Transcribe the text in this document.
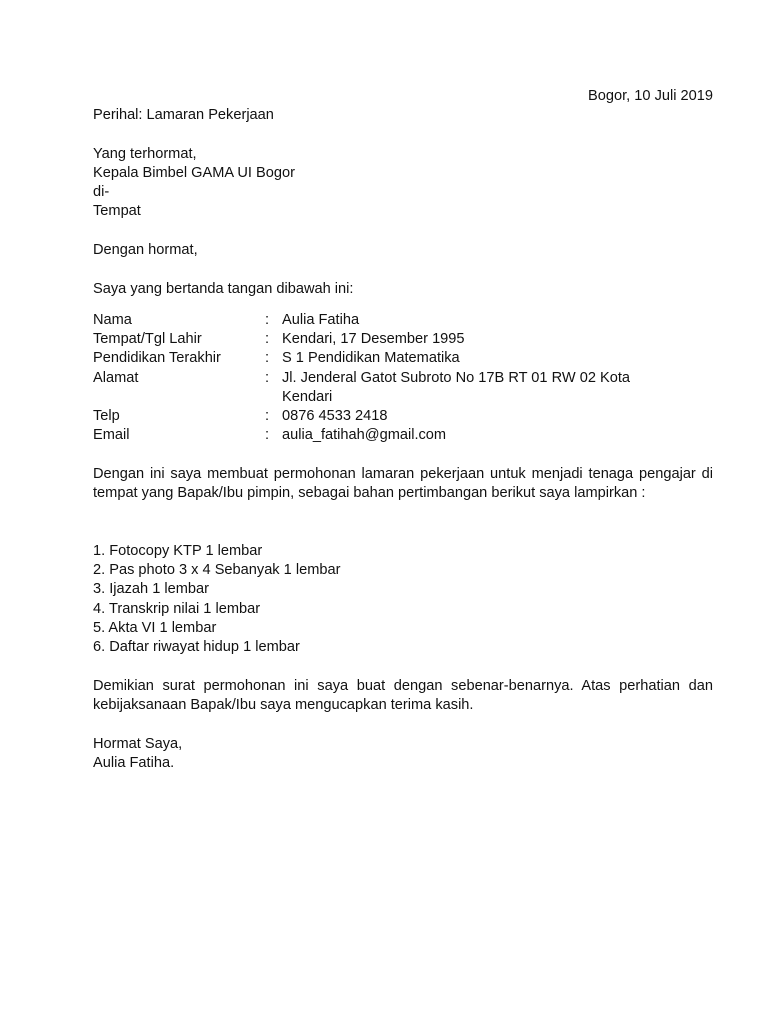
Bogor, 10 Juli 2019
Perihal: Lamaran Pekerjaan
Yang terhormat,
Kepala Bimbel GAMA UI Bogor
di-
Tempat
Dengan hormat,
Saya yang bertanda tangan dibawah ini:
Nama	: Aulia Fatiha
Tempat/Tgl Lahir	: Kendari, 17 Desember 1995
Pendidikan Terakhir	: S 1 Pendidikan Matematika
Alamat	: Jl. Jenderal Gatot Subroto No 17B RT 01 RW 02 Kota Kendari
Telp	: 0876 4533 2418
Email	: aulia_fatihah@gmail.com
Dengan ini saya membuat permohonan lamaran pekerjaan untuk menjadi tenaga pengajar di tempat yang Bapak/Ibu pimpin, sebagai bahan pertimbangan berikut saya lampirkan :
1. Fotocopy KTP 1 lembar
2. Pas photo 3 x 4 Sebanyak 1 lembar
3. Ijazah 1 lembar
4. Transkrip nilai 1 lembar
5. Akta VI 1 lembar
6. Daftar riwayat hidup 1 lembar
Demikian surat permohonan ini saya buat dengan sebenar-benarnya. Atas perhatian dan kebijaksanaan Bapak/Ibu saya mengucapkan terima kasih.
Hormat Saya,
Aulia Fatiha.
